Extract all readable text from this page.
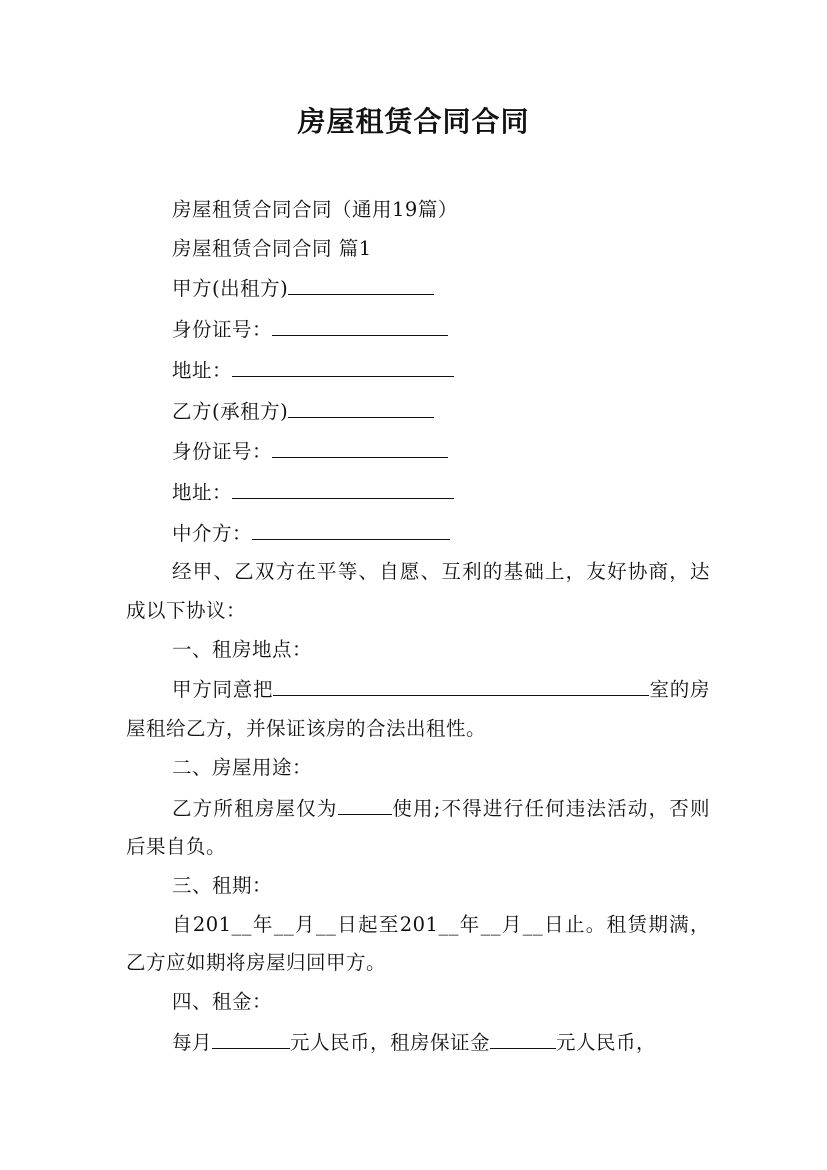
房屋租赁合同合同

房屋租赁合同合同（通用19篇）

房屋租赁合同合同 篇1

甲方(出租方)

身份证号：

地址：

乙方(承租方)

身份证号：

地址：

中介方：

经甲、乙双方在平等、自愿、互利的基础上，友好协商，达成以下协议：

一、租房地点：

甲方同意把	室的房屋租给乙方，并保证该房的合法出租性。

二、房屋用途：

乙方所租房屋仅为	使用;不得进行任何违法活动，否则后果自负。

三、租期：

自201__年__月__日起至201__年__月__日止。租赁期满，乙方应如期将房屋归回甲方。

四、租金：

每月	元人民币，租房保证金	元人民币，
